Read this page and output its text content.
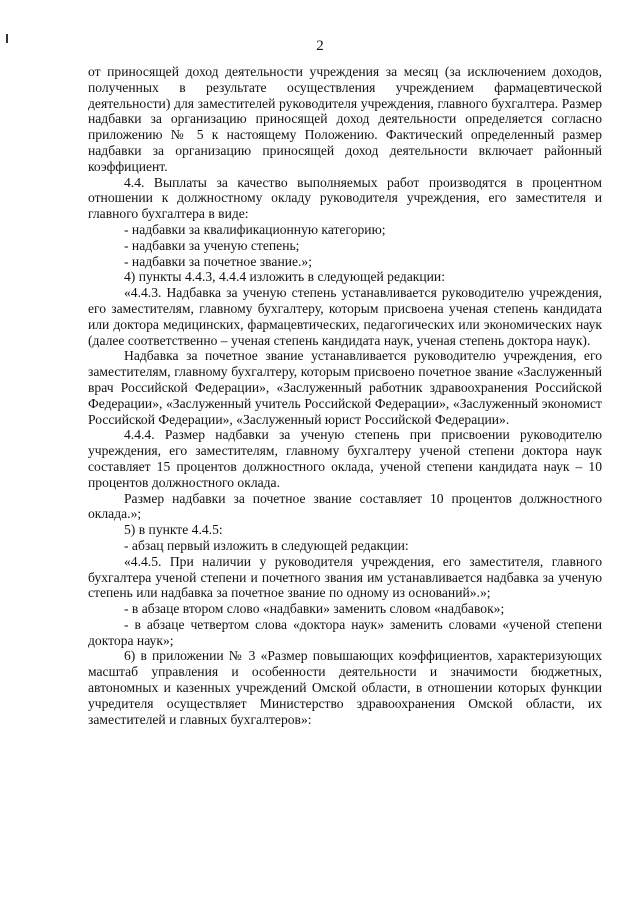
2

от приносящей доход деятельности учреждения за месяц (за исключением доходов, полученных в результате осуществления учреждением фармацевтической деятельности) для заместителей руководителя учреждения, главного бухгалтера. Размер надбавки за организацию приносящей доход деятельности определяется согласно приложению № 5 к настоящему Положению. Фактический определенный размер надбавки за организацию приносящей доход деятельности включает районный коэффициент.

4.4. Выплаты за качество выполняемых работ производятся в процентном отношении к должностному окладу руководителя учреждения, его заместителя и главного бухгалтера в виде:

- надбавки за квалификационную категорию;

- надбавки за ученую степень;

- надбавки за почетное звание.»;

4) пункты 4.4.3, 4.4.4 изложить в следующей редакции:

«4.4.3. Надбавка за ученую степень устанавливается руководителю учреждения, его заместителям, главному бухгалтеру, которым присвоена ученая степень кандидата или доктора медицинских, фармацевтических, педагогических или экономических наук (далее соответственно – ученая степень кандидата наук, ученая степень доктора наук).

Надбавка за почетное звание устанавливается руководителю учреждения, его заместителям, главному бухгалтеру, которым присвоено почетное звание «Заслуженный врач Российской Федерации», «Заслуженный работник здравоохранения Российской Федерации», «Заслуженный учитель Российской Федерации», «Заслуженный экономист Российской Федерации», «Заслуженный юрист Российской Федерации».

4.4.4. Размер надбавки за ученую степень при присвоении руководителю учреждения, его заместителям, главному бухгалтеру ученой степени доктора наук составляет 15 процентов должностного оклада, ученой степени кандидата наук – 10 процентов должностного оклада.

Размер надбавки за почетное звание составляет 10 процентов должностного оклада.»;

5) в пункте 4.4.5:

- абзац первый изложить в следующей редакции:

«4.4.5. При наличии у руководителя учреждения, его заместителя, главного бухгалтера ученой степени и почетного звания им устанавливается надбавка за ученую степень или надбавка за почетное звание по одному из оснований».»;

- в абзаце втором слово «надбавки» заменить словом «надбавок»;

- в абзаце четвертом слова «доктора наук» заменить словами «ученой степени доктора наук»;

6) в приложении № 3 «Размер повышающих коэффициентов, характеризующих масштаб управления и особенности деятельности и значимости бюджетных, автономных и казенных учреждений Омской области, в отношении которых функции учредителя осуществляет Министерство здравоохранения Омской области, их заместителей и главных бухгалтеров»:
